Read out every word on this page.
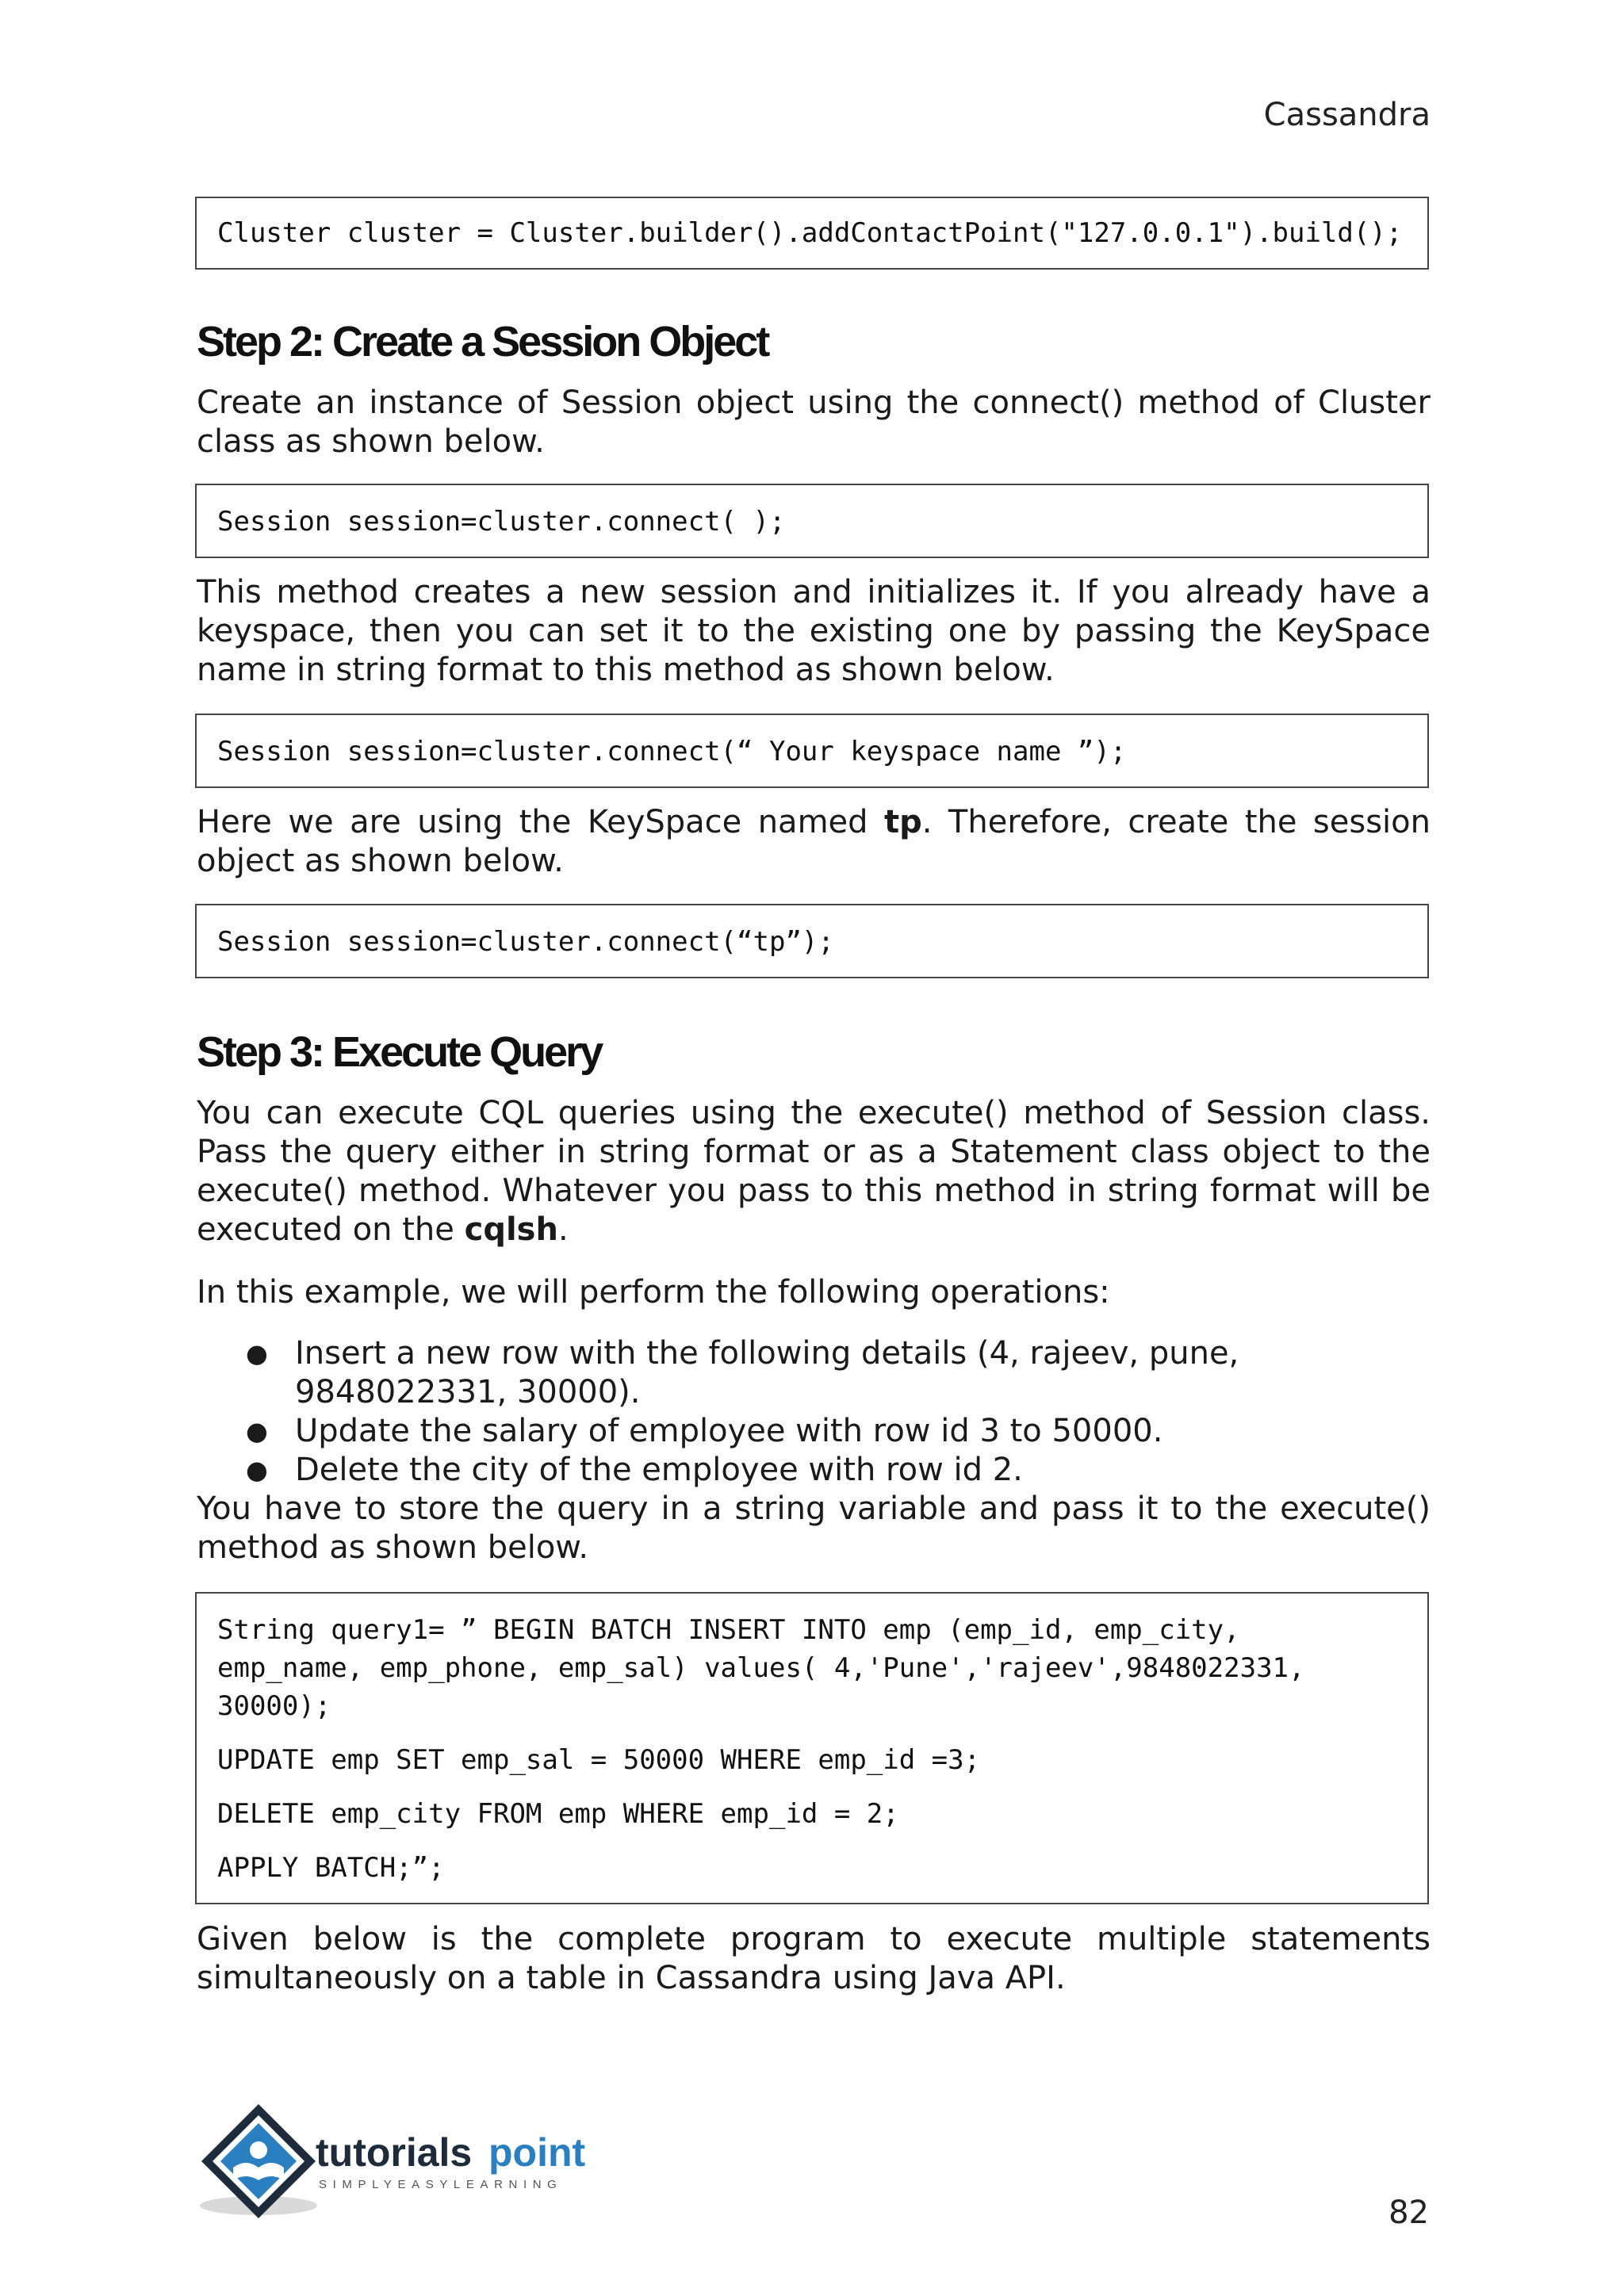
Cassandra
Cluster cluster = Cluster.builder().addContactPoint("127.0.0.1").build();
Step 2: Create a Session Object
Create an instance of Session object using the connect() method of Cluster class as shown below.
Session session=cluster.connect( );
This method creates a new session and initializes it. If you already have a keyspace, then you can set it to the existing one by passing the KeySpace name in string format to this method as shown below.
Session session=cluster.connect(“ Your keyspace name ”);
Here we are using the KeySpace named tp. Therefore, create the session object as shown below.
Session session=cluster.connect(“tp”);
Step 3: Execute Query
You can execute CQL queries using the execute() method of Session class. Pass the query either in string format or as a Statement class object to the execute() method. Whatever you pass to this method in string format will be executed on the cqlsh.
In this example, we will perform the following operations:
● Insert a new row with the following details (4, rajeev, pune, 9848022331, 30000).
● Update the salary of employee with row id 3 to 50000.
● Delete the city of the employee with row id 2.
You have to store the query in a string variable and pass it to the execute() method as shown below.
String query1= ” BEGIN BATCH INSERT INTO emp (emp_id, emp_city,
emp_name, emp_phone, emp_sal) values( 4,'Pune','rajeev',9848022331,
30000);
UPDATE emp SET emp_sal = 50000 WHERE emp_id =3;
DELETE emp_city FROM emp WHERE emp_id = 2;
APPLY BATCH;”;
Given below is the complete program to execute multiple statements simultaneously on a table in Cassandra using Java API.
tutorials point
SIMPLYEASYLEARNING
82
